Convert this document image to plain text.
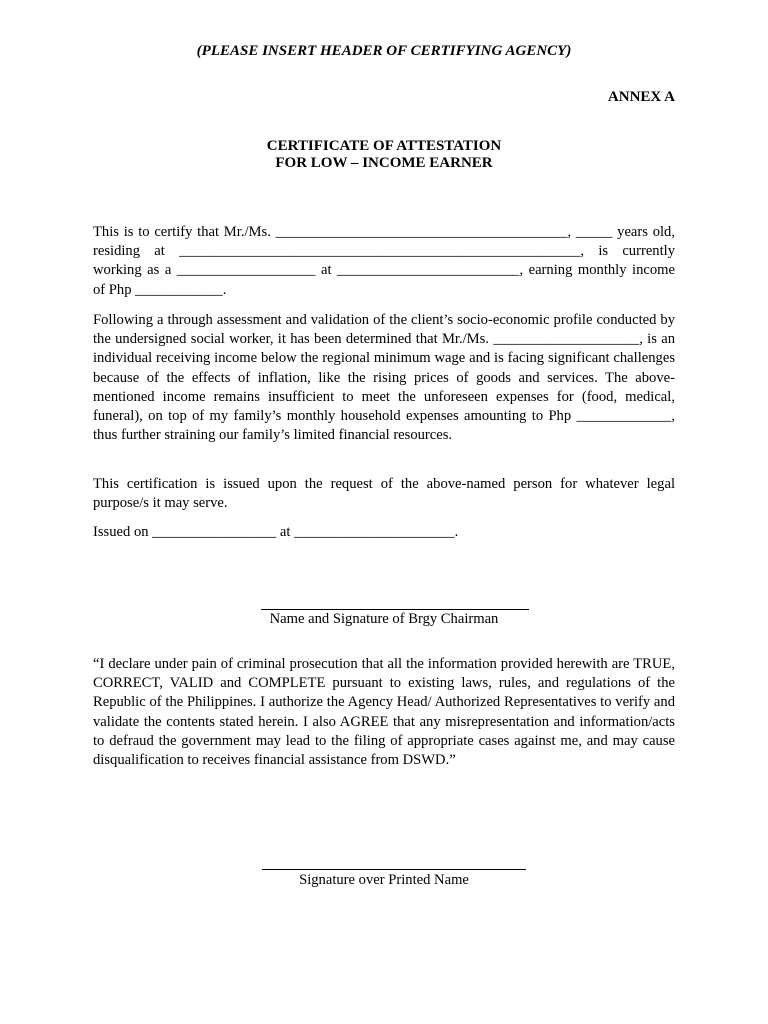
(PLEASE INSERT HEADER OF CERTIFYING AGENCY)
ANNEX A
CERTIFICATE OF ATTESTATION
FOR LOW – INCOME EARNER

This is to certify that Mr./Ms. ________________________________________, _____ years old, residing at _______________________________________________________, is currently working as a ___________________ at _________________________, earning monthly income of Php ____________.

Following a through assessment and validation of the client’s socio-economic profile conducted by the undersigned social worker, it has been determined that Mr./Ms. ____________________, is an individual receiving income below the regional minimum wage and is facing significant challenges because of the effects of inflation, like the rising prices of goods and services. The above-mentioned income remains insufficient to meet the unforeseen expenses for (food, medical, funeral), on top of my family’s monthly household expenses amounting to Php _____________, thus further straining our family’s limited financial resources.

This certification is issued upon the request of the above-named person for whatever legal purpose/s it may serve.

Issued on _________________ at ______________________.

Name and Signature of Brgy Chairman

“I declare under pain of criminal prosecution that all the information provided herewith are TRUE, CORRECT, VALID and COMPLETE pursuant to existing laws, rules, and regulations of the Republic of the Philippines. I authorize the Agency Head/ Authorized Representatives to verify and validate the contents stated herein. I also AGREE that any misrepresentation and information/acts to defraud the government may lead to the filing of appropriate cases against me, and may cause disqualification to receives financial assistance from DSWD.”

Signature over Printed Name
